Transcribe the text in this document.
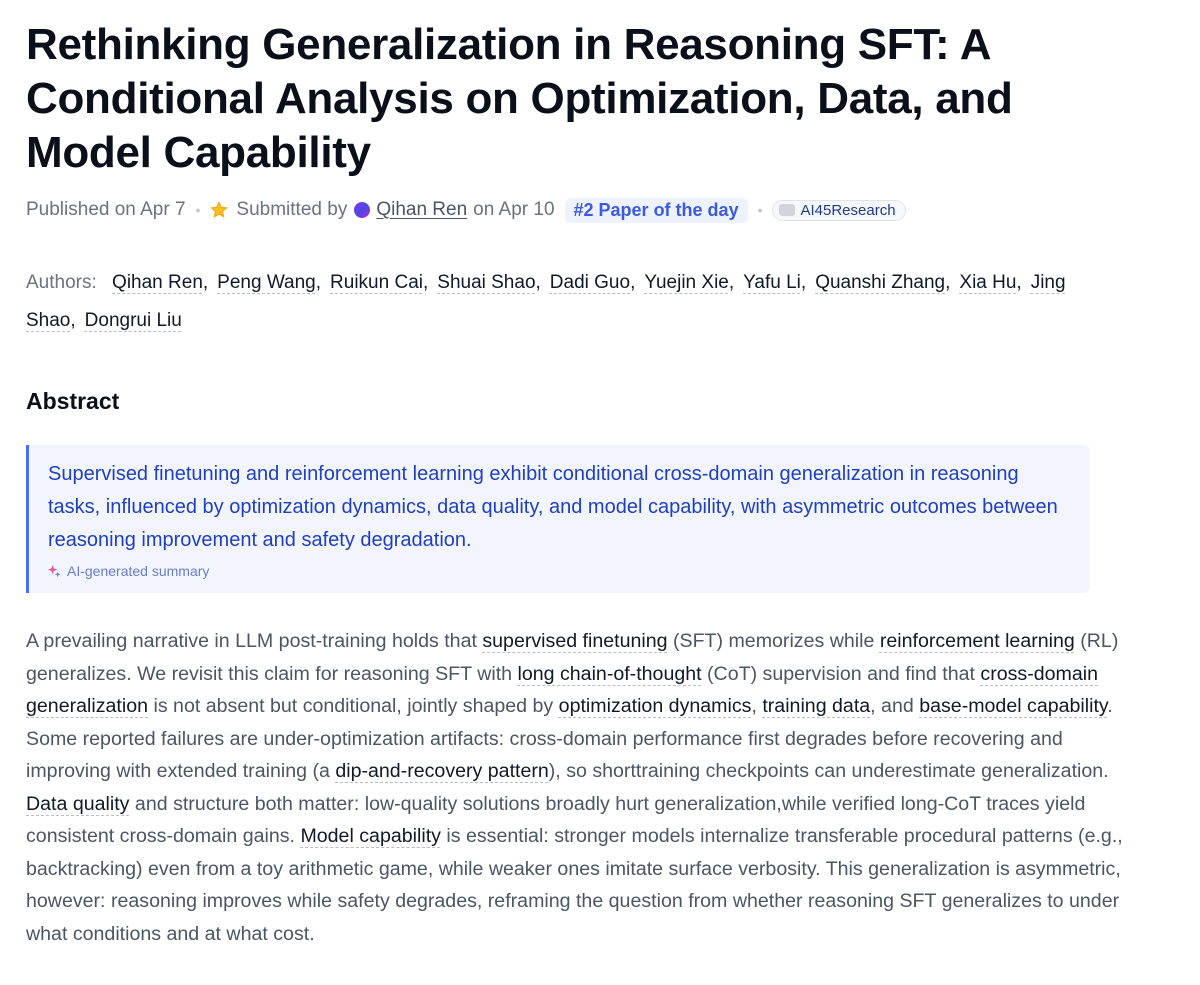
Rethinking Generalization in Reasoning SFT: A Conditional Analysis on Optimization, Data, and Model Capability
Published on Apr 7 • Submitted by Qihan Ren on Apr 10	#2 Paper of the day	•	AI45Research
Authors: Qihan Ren, Peng Wang, Ruikun Cai, Shuai Shao, Dadi Guo, Yuejin Xie, Yafu Li, Quanshi Zhang, Xia Hu, Jing Shao, Dongrui Liu
Abstract
Supervised finetuning and reinforcement learning exhibit conditional cross-domain generalization in reasoning tasks, influenced by optimization dynamics, data quality, and model capability, with asymmetric outcomes between reasoning improvement and safety degradation.
AI-generated summary

A prevailing narrative in LLM post-training holds that supervised finetuning (SFT) memorizes while reinforcement learning (RL) generalizes. We revisit this claim for reasoning SFT with long chain-of-thought (CoT) supervision and find that cross-domain generalization is not absent but conditional, jointly shaped by optimization dynamics, training data, and base-model capability. Some reported failures are under-optimization artifacts: cross-domain performance first degrades before recovering and improving with extended training (a dip-and-recovery pattern), so shorttraining checkpoints can underestimate generalization. Data quality and structure both matter: low-quality solutions broadly hurt generalization,while verified long-CoT traces yield consistent cross-domain gains. Model capability is essential: stronger models internalize transferable procedural patterns (e.g., backtracking) even from a toy arithmetic game, while weaker ones imitate surface verbosity. This generalization is asymmetric, however: reasoning improves while safety degrades, reframing the question from whether reasoning SFT generalizes to under what conditions and at what cost.
